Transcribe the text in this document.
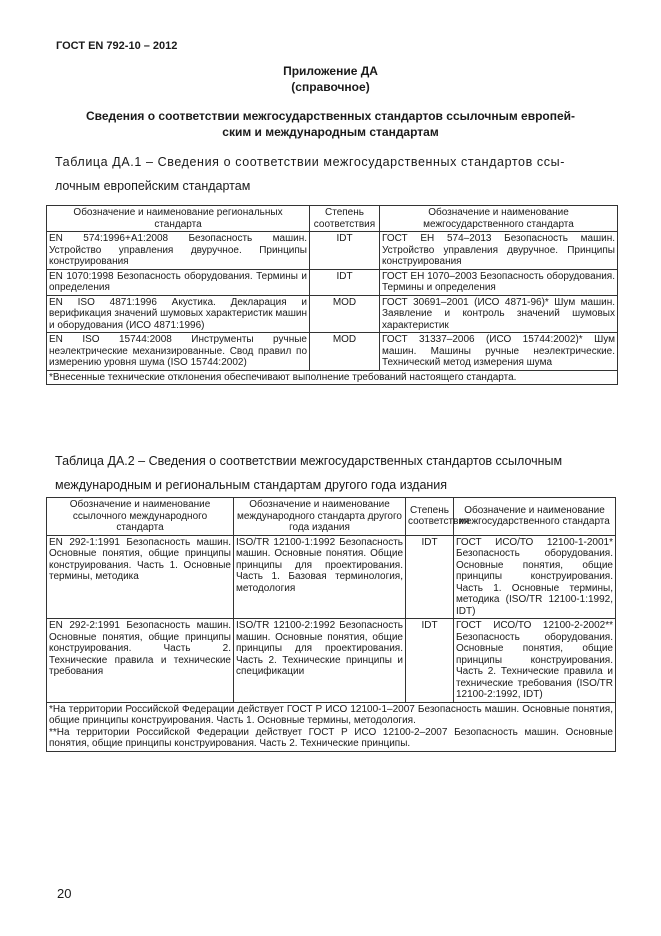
ГОСТ EN 792-10 – 2012
Приложение ДА
(справочное)
Сведения о соответствии межгосударственных стандартов ссылочным европей-
ским и международным стандартам
Таблица ДА.1 – Сведения о соответствии межгосударственных стандартов ссы-
лочным европейским стандартам
Обозначение и наименование региональных стандарта	Степень соответствия	Обозначение и наименование межгосударственного стандарта
EN 574:1996+A1:2008 Безопасность машин. Устройство управления двуручное. Принципы конструирования	IDT	ГОСТ EH 574–2013 Безопасность машин. Устройство управления двуручное. Принципы конструирования
EN 1070:1998 Безопасность оборудования. Термины и определения	IDT	ГОСТ EH 1070–2003 Безопасность оборудования. Термины и определения
EN ISO 4871:1996 Акустика. Декларация и верификация значений шумовых характеристик машин и оборудования (ИСО 4871:1996)	MOD	ГОСТ 30691–2001 (ИСО 4871-96)* Шум машин. Заявление и контроль значений шумовых характеристик
EN ISO 15744:2008 Инструменты ручные неэлектрические механизированные. Свод правил по измерению уровня шума (ISO 15744:2002)	MOD	ГОСТ 31337–2006 (ИСО 15744:2002)* Шум машин. Машины ручные неэлектрические. Технический метод измерения шума
*Внесенные технические отклонения обеспечивают выполнение требований настоящего стандарта.		
Таблица ДА.2 – Сведения о соответствии межгосударственных стандартов ссылочным
международным и региональным стандартам другого года издания
Обозначение и наименование ссылочного международного стандарта	Обозначение и наименование международного стандарта другого года издания	Степень соответствия	Обозначение и наименование межгосударственного стандарта
EN 292-1:1991 Безопасность машин. Основные понятия, общие принципы конструирования. Часть 1. Основные термины, методика	ISO/TR 12100-1:1992 Безопасность машин. Основные понятия. Общие принципы для проектирования. Часть 1. Базовая терминология, методология	IDT	ГОСТ ИСО/ТО 12100-1-2001* Безопасность оборудования. Основные понятия, общие принципы конструирования. Часть 1. Основные термины, методика (ISO/TR 12100-1:1992, IDT)
EN 292-2:1991 Безопасность машин. Основные понятия, общие принципы конструирования. Часть 2. Технические правила и технические требования	ISO/TR 12100-2:1992 Безопасность машин. Основные понятия, общие принципы для проектирования. Часть 2. Технические принципы и спецификации	IDT	ГОСТ ИСО/ТО 12100-2-2002** Безопасность оборудования. Основные понятия, общие принципы конструирования. Часть 2. Технические правила и технические требования (ISO/TR 12100-2:1992, IDT)

*На территории Российской Федерации действует ГОСТ Р ИСО 12100-1–2007 Безопасность машин. Основные понятия, общие принципы конструирования. Часть 1. Основные термины, методология.
**На территории Российской Федерации действует ГОСТ Р ИСО 12100-2–2007 Безопасность машин. Основные понятия, общие принципы конструирования. Часть 2. Технические принципы.			
20
